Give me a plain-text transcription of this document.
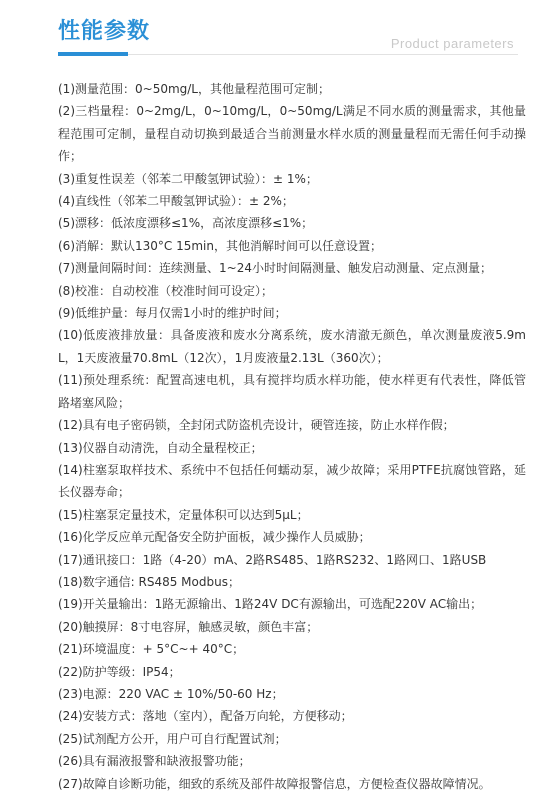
性能参数	Product parameters
(1)测量范围：0~50mg/L，其他量程范围可定制；
(2)三档量程：0~2mg/L，0~10mg/L，0~50mg/L满足不同水质的测量需求，其他量程范围可定制，量程自动切换到最适合当前测量水样水质的测量量程而无需任何手动操作；
(3)重复性误差（邻苯二甲酸氢钾试验）：± 1%；
(4)直线性（邻苯二甲酸氢钾试验）：± 2%；
(5)漂移：低浓度漂移≤1%，高浓度漂移≤1%；
(6)消解：默认130°C 15min，其他消解时间可以任意设置；
(7)测量间隔时间：连续测量、1~24小时时间隔测量、触发启动测量、定点测量；
(8)校准：自动校准（校准时间可设定）；
(9)低维护量：每月仅需1小时的维护时间；
(10)低废液排放量：具备废液和废水分离系统，废水清澈无颜色，单次测量废液5.9mL，1天废液量70.8mL（12次），1月废液量2.13L（360次）；
(11)预处理系统：配置高速电机，具有搅拌均质水样功能，使水样更有代表性，降低管路堵塞风险；
(12)具有电子密码锁，全封闭式防盗机壳设计，硬管连接，防止水样作假；
(13)仪器自动清洗，自动全量程校正；
(14)柱塞泵取样技术、系统中不包括任何蠕动泵，减少故障；采用PTFE抗腐蚀管路，延长仪器寿命；
(15)柱塞泵定量技术，定量体积可以达到5µL；
(16)化学反应单元配备安全防护面板，减少操作人员威胁；
(17)通讯接口：1路（4-20）mA、2路RS485、1路RS232、1路网口、1路USB
(18)数字通信: RS485 Modbus；
(19)开关量输出：1路无源输出、1路24V DC有源输出，可选配220V AC输出；
(20)触摸屏：8寸电容屏，触感灵敏，颜色丰富；
(21)环境温度：+ 5°C~+ 40°C；
(22)防护等级：IP54；
(23)电源：220 VAC ± 10%/50-60 Hz；
(24)安装方式：落地（室内），配备万向轮，方便移动；
(25)试剂配方公开，用户可自行配置试剂；
(26)具有漏液报警和缺液报警功能；
(27)故障自诊断功能，细致的系统及部件故障报警信息，方便检查仪器故障情况。
